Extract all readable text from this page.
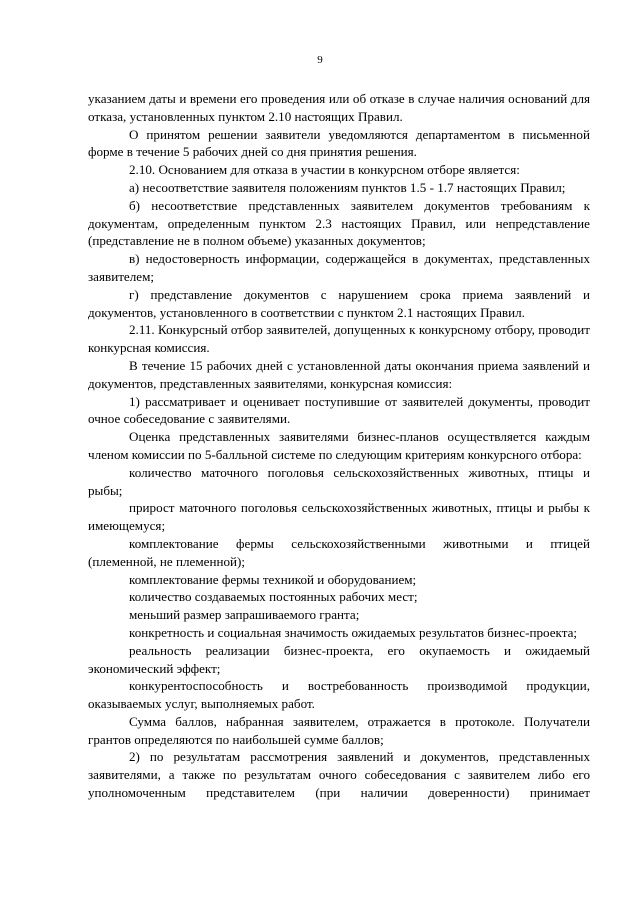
9

указанием даты и времени его проведения или об отказе в случае наличия оснований для отказа, установленных пунктом 2.10 настоящих Правил.

О принятом решении заявители уведомляются департаментом в письменной форме в течение 5 рабочих дней со дня принятия решения.

2.10. Основанием для отказа в участии в конкурсном отборе является:

а) несоответствие заявителя положениям пунктов 1.5 - 1.7 настоящих Правил;

б) несоответствие представленных заявителем документов требованиям к документам, определенным пунктом 2.3 настоящих Правил, или непредставление (представление не в полном объеме) указанных документов;

в) недостоверность информации, содержащейся в документах, представленных заявителем;

г) представление документов с нарушением срока приема заявлений и документов, установленного в соответствии с пунктом 2.1 настоящих Правил.

2.11. Конкурсный отбор заявителей, допущенных к конкурсному отбору, проводит конкурсная комиссия.

В течение 15 рабочих дней с установленной даты окончания приема заявлений и документов, представленных заявителями, конкурсная комиссия:

1) рассматривает и оценивает поступившие от заявителей документы, проводит очное собеседование с заявителями.

Оценка представленных заявителями бизнес-планов осуществляется каждым членом комиссии по 5-балльной системе по следующим критериям конкурсного отбора:

количество маточного поголовья сельскохозяйственных животных, птицы и рыбы;

прирост маточного поголовья сельскохозяйственных животных, птицы и рыбы к имеющемуся;

комплектование фермы сельскохозяйственными животными и птицей (племенной, не племенной);

комплектование фермы техникой и оборудованием;

количество создаваемых постоянных рабочих мест;

меньший размер запрашиваемого гранта;

конкретность и социальная значимость ожидаемых результатов бизнес-проекта;

реальность реализации бизнес-проекта, его окупаемость и ожидаемый экономический эффект;

конкурентоспособность и востребованность производимой продукции, оказываемых услуг, выполняемых работ.

Сумма баллов, набранная заявителем, отражается в протоколе. Получатели грантов определяются по наибольшей сумме баллов;

2) по результатам рассмотрения заявлений и документов, представленных заявителями, а также по результатам очного собеседования с заявителем либо его уполномоченным представителем (при наличии доверенности) принимает
